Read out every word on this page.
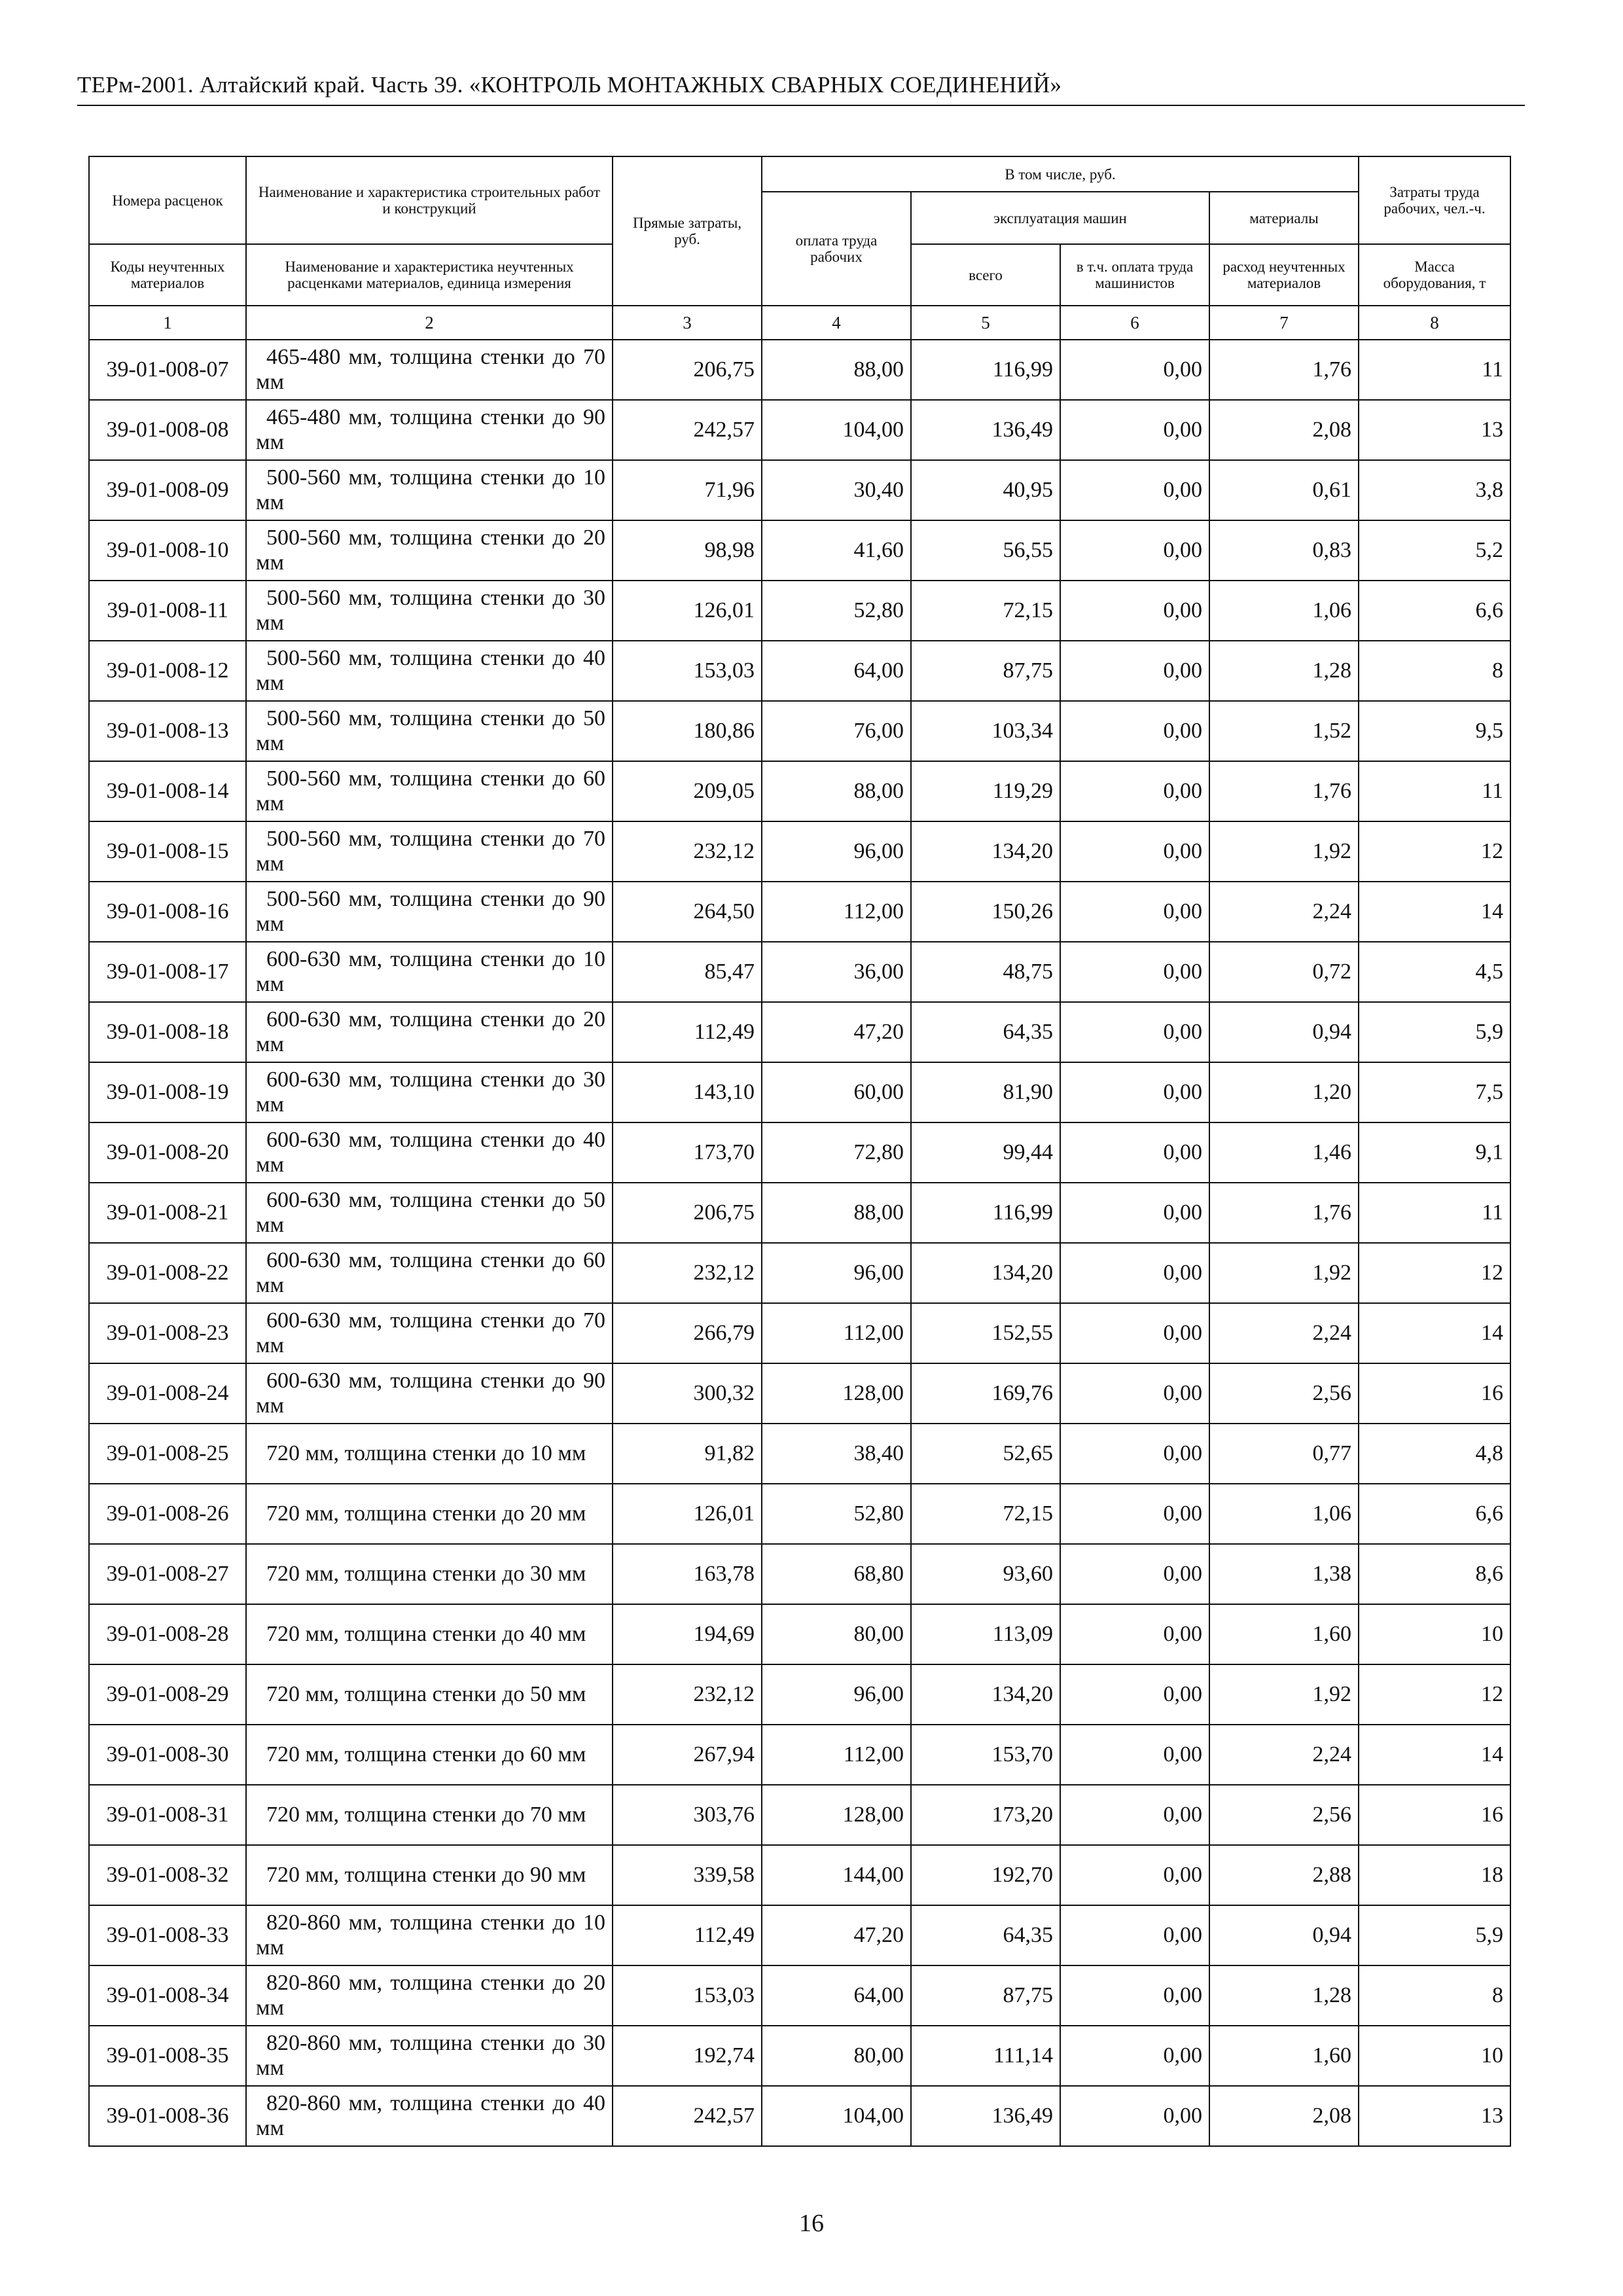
ТЕРм-2001. Алтайский край. Часть 39. «КОНТРОЛЬ МОНТАЖНЫХ СВАРНЫХ СОЕДИНЕНИЙ»
Номера расценок	Наименование и характеристика строительных работ и конструкций	Прямые затраты, руб.	В том числе, руб.				Затраты труда рабочих, чел.-ч.
			оплата труда рабочих	эксплуатация машин		материалы	
Коды неучтенных материалов	Наименование и характеристика неучтенных расценками материалов, единица измерения			всего	в т.ч. оплата труда машинистов	расход неучтенных материалов	Масса оборудования, т
1	2	3	4	5	6	7	8
39-01-008-07	465-480 мм, толщина стенки до 70 мм	206,75	88,00	116,99	0,00	1,76	11
39-01-008-08	465-480 мм, толщина стенки до 90 мм	242,57	104,00	136,49	0,00	2,08	13
39-01-008-09	500-560 мм, толщина стенки до 10 мм	71,96	30,40	40,95	0,00	0,61	3,8
39-01-008-10	500-560 мм, толщина стенки до 20 мм	98,98	41,60	56,55	0,00	0,83	5,2
39-01-008-11	500-560 мм, толщина стенки до 30 мм	126,01	52,80	72,15	0,00	1,06	6,6
39-01-008-12	500-560 мм, толщина стенки до 40 мм	153,03	64,00	87,75	0,00	1,28	8
39-01-008-13	500-560 мм, толщина стенки до 50 мм	180,86	76,00	103,34	0,00	1,52	9,5
39-01-008-14	500-560 мм, толщина стенки до 60 мм	209,05	88,00	119,29	0,00	1,76	11
39-01-008-15	500-560 мм, толщина стенки до 70 мм	232,12	96,00	134,20	0,00	1,92	12
39-01-008-16	500-560 мм, толщина стенки до 90 мм	264,50	112,00	150,26	0,00	2,24	14
39-01-008-17	600-630 мм, толщина стенки до 10 мм	85,47	36,00	48,75	0,00	0,72	4,5
39-01-008-18	600-630 мм, толщина стенки до 20 мм	112,49	47,20	64,35	0,00	0,94	5,9
39-01-008-19	600-630 мм, толщина стенки до 30 мм	143,10	60,00	81,90	0,00	1,20	7,5
39-01-008-20	600-630 мм, толщина стенки до 40 мм	173,70	72,80	99,44	0,00	1,46	9,1
39-01-008-21	600-630 мм, толщина стенки до 50 мм	206,75	88,00	116,99	0,00	1,76	11
39-01-008-22	600-630 мм, толщина стенки до 60 мм	232,12	96,00	134,20	0,00	1,92	12
39-01-008-23	600-630 мм, толщина стенки до 70 мм	266,79	112,00	152,55	0,00	2,24	14
39-01-008-24	600-630 мм, толщина стенки до 90 мм	300,32	128,00	169,76	0,00	2,56	16
39-01-008-25	720 мм, толщина стенки до 10 мм	91,82	38,40	52,65	0,00	0,77	4,8
39-01-008-26	720 мм, толщина стенки до 20 мм	126,01	52,80	72,15	0,00	1,06	6,6
39-01-008-27	720 мм, толщина стенки до 30 мм	163,78	68,80	93,60	0,00	1,38	8,6
39-01-008-28	720 мм, толщина стенки до 40 мм	194,69	80,00	113,09	0,00	1,60	10
39-01-008-29	720 мм, толщина стенки до 50 мм	232,12	96,00	134,20	0,00	1,92	12
39-01-008-30	720 мм, толщина стенки до 60 мм	267,94	112,00	153,70	0,00	2,24	14
39-01-008-31	720 мм, толщина стенки до 70 мм	303,76	128,00	173,20	0,00	2,56	16
39-01-008-32	720 мм, толщина стенки до 90 мм	339,58	144,00	192,70	0,00	2,88	18
39-01-008-33	820-860 мм, толщина стенки до 10 мм	112,49	47,20	64,35	0,00	0,94	5,9
39-01-008-34	820-860 мм, толщина стенки до 20 мм	153,03	64,00	87,75	0,00	1,28	8
39-01-008-35	820-860 мм, толщина стенки до 30 мм	192,74	80,00	111,14	0,00	1,60	10
39-01-008-36	820-860 мм, толщина стенки до 40 мм	242,57	104,00	136,49	0,00	2,08	13
16
